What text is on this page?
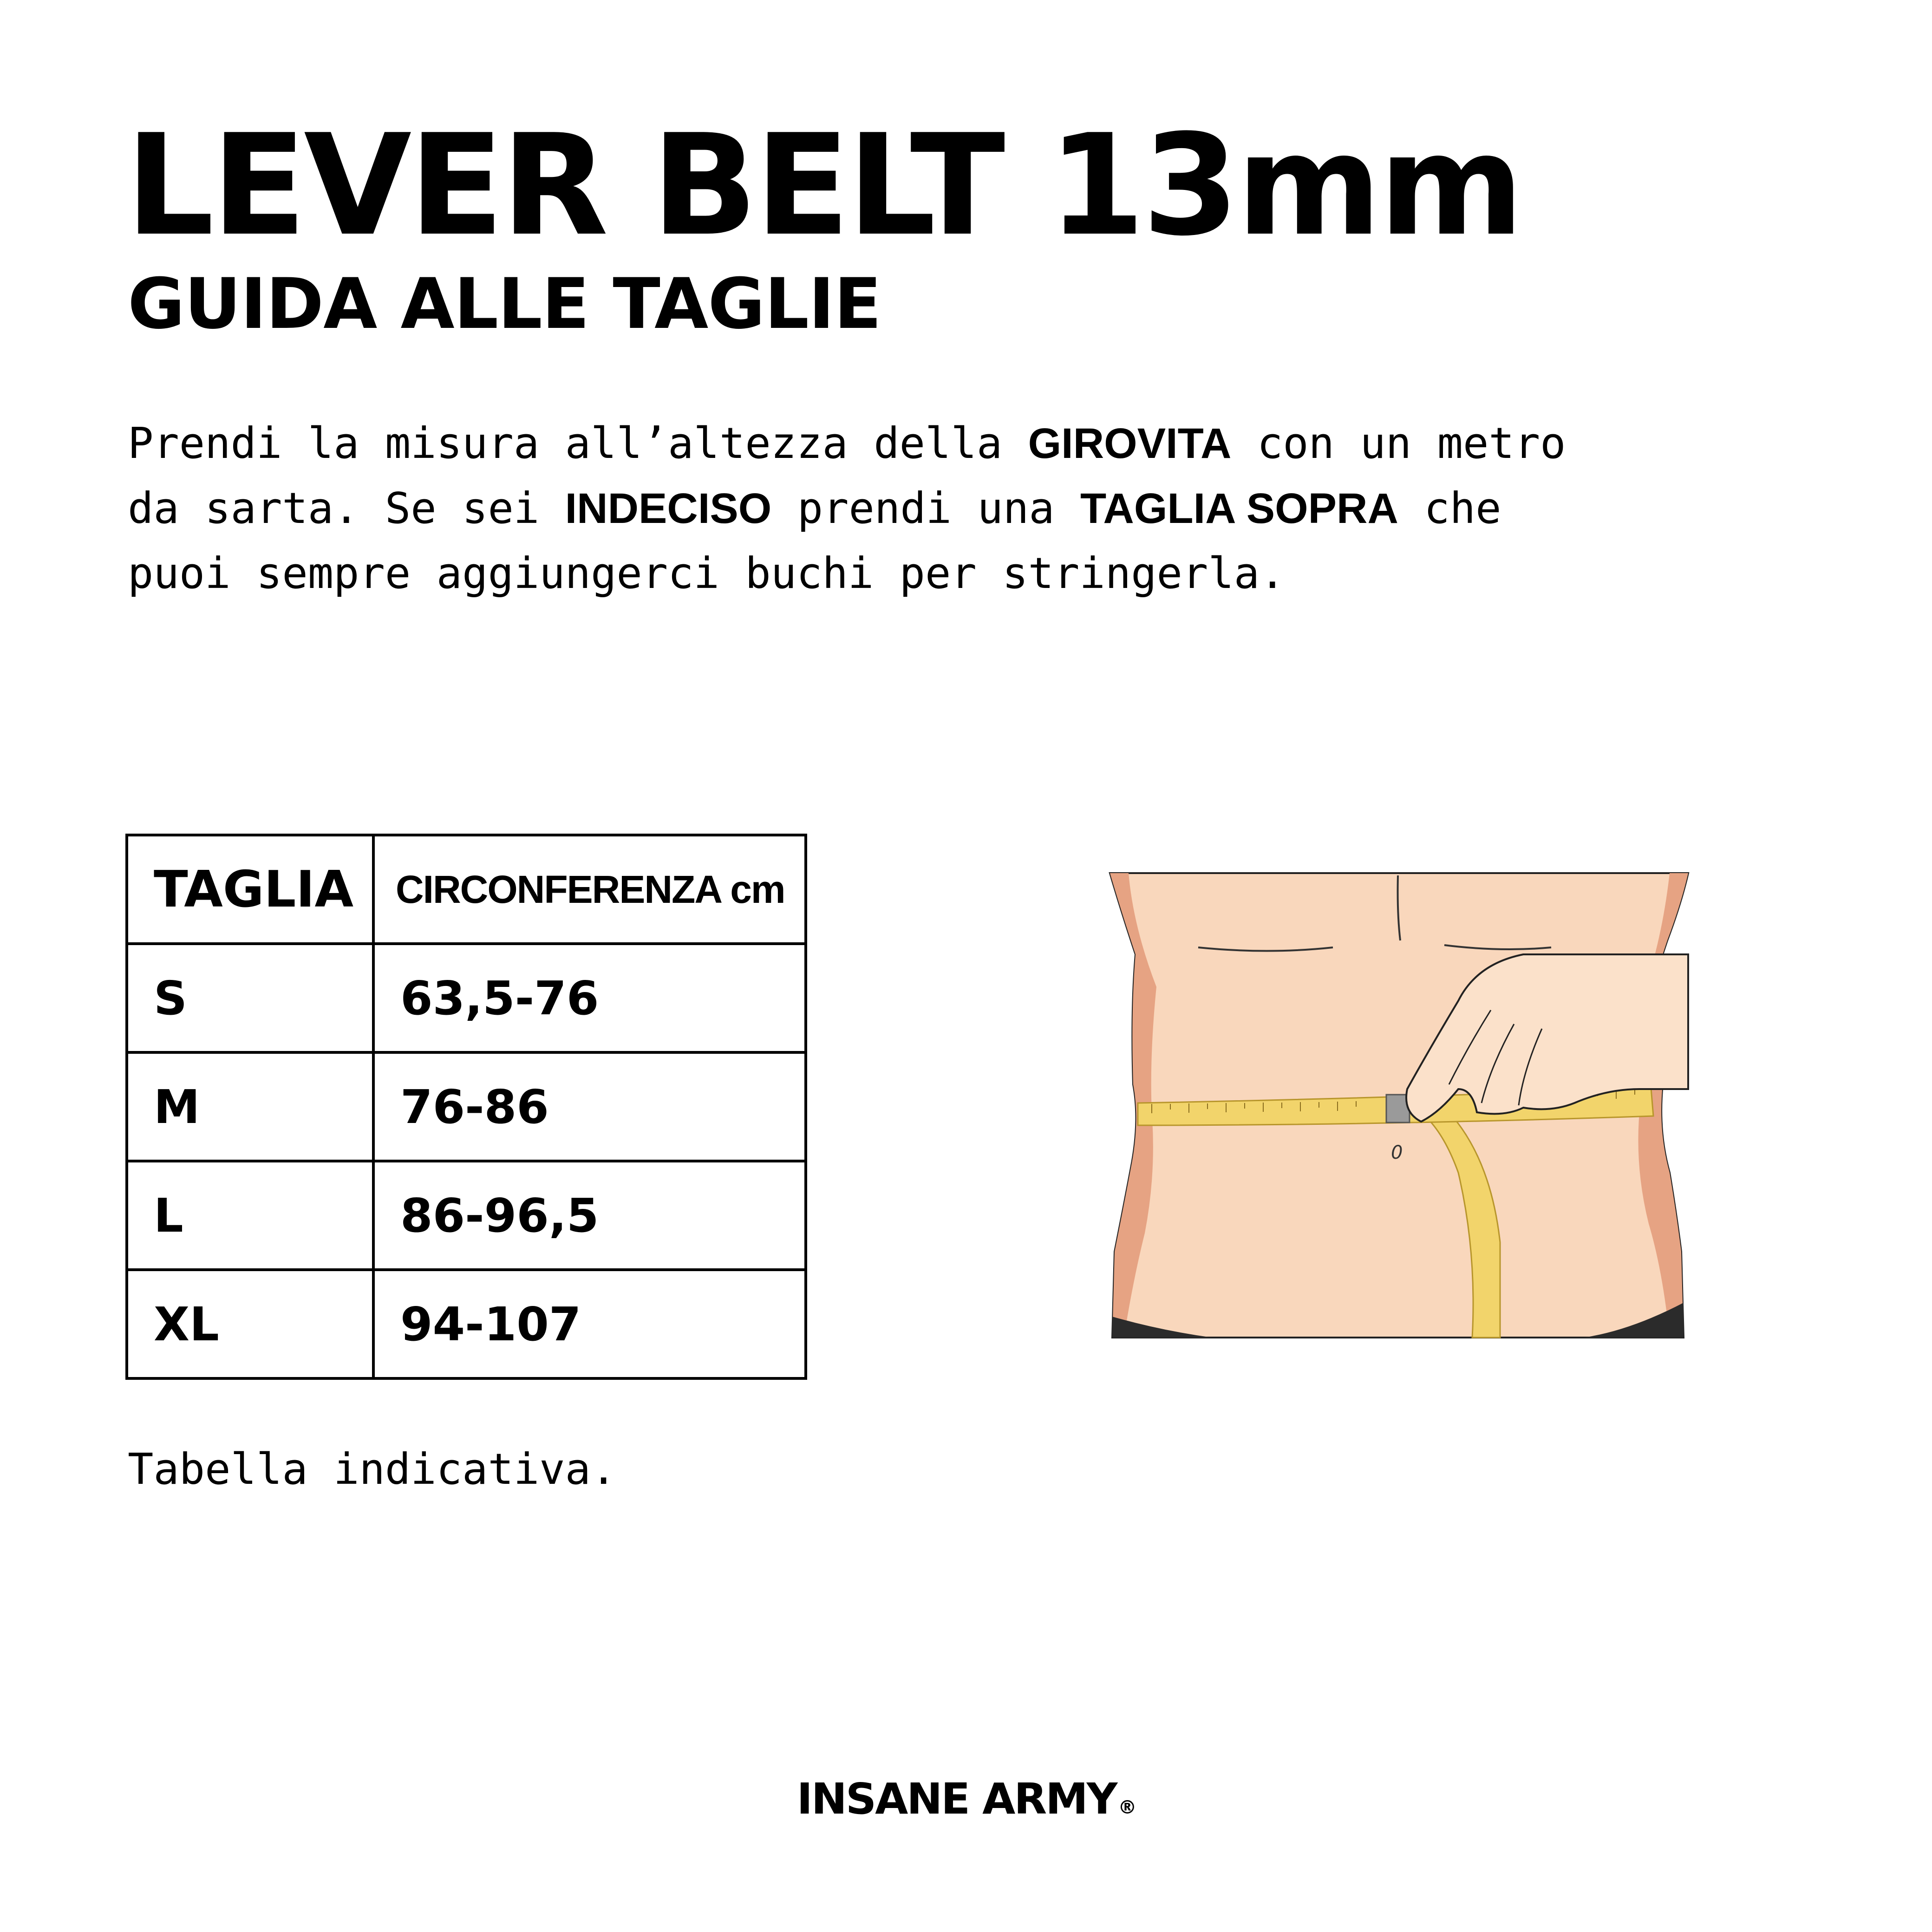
LEVER BELT 13mm
GUIDA ALLE TAGLIE
Prendi la misura all’altezza della GIROVITA con un metro
da sarta. Se sei INDECISO prendi una TAGLIA SOPRA che
puoi sempre aggiungerci buchi per stringerla.
TAGLIA	CIRCONFERENZA cm
S	63,5-76
M	76-86
L	86-96,5
XL	94-107
Tabella indicativa.
0
INSANE ARMY ®
